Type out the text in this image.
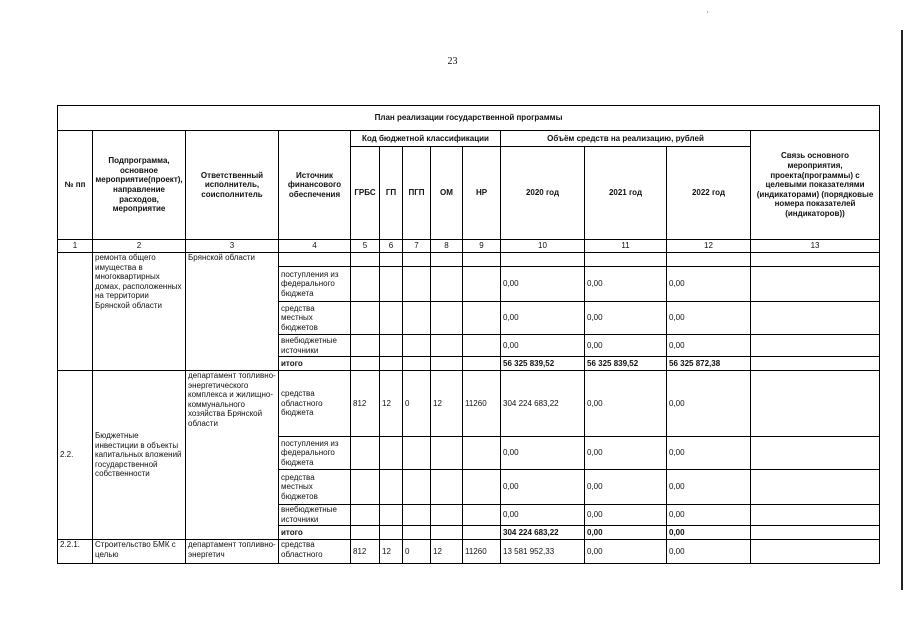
'
23
План реализации государственной программы												
№ пп	Подпрограмма, основное мероприятие(проект), направление расходов, мероприятие	Ответственный исполнитель, соисполнитель	Источник финансового обеспечения	Код бюджетной классификации					Объём средств на реализацию, рублей			Связь основного мероприятия, проекта(программы) с целевыми показателями (индикаторами) (порядковые номера показателей (индикаторов))
				ГРБС	ГП	ПГП	ОМ	НР	2020 год	2021 год	2022 год	
1	2	3	4	5	6	7	8	9	10	11	12	13
	ремонта общего имущества в многоквартирных домах, расположенных на территории Брянской области	Брянской области										
			поступления из федерального бюджета						0,00	0,00	0,00	
			средства местных бюджетов						0,00	0,00	0,00	
			внебюджетные источники						0,00	0,00	0,00	
			итого						56 325 839,52	56 325 839,52	56 325 872,38	
2.2.	Бюджетные инвестиции в объекты капитальных вложений государственной собственности	департамент топливно-энергетического комплекса и жилищно-коммунального хозяйства Брянской области	средства областного бюджета	812	12	0	12	11260	304 224 683,22	0,00	0,00	
			поступления из федерального бюджета						0,00	0,00	0,00	
			средства местных бюджетов						0,00	0,00	0,00	
			внебюджетные источники						0,00	0,00	0,00	
			итого						304 224 683,22	0,00	0,00	
2.2.1.	Строительство БМК с целью	департамент топливно-энергетич	средства областного	812	12	0	12	11260	13 581 952,33	0,00	0,00	
